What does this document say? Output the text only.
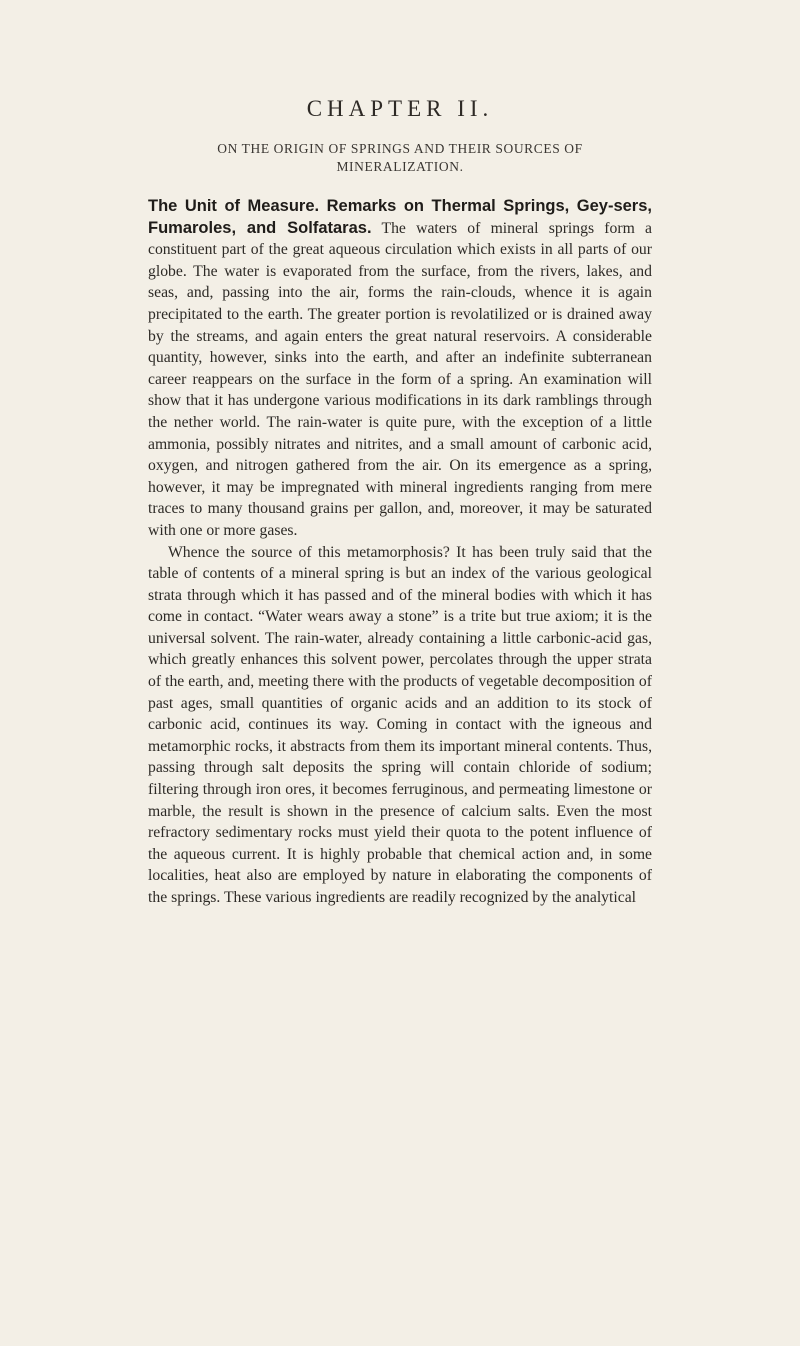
CHAPTER II.
ON THE ORIGIN OF SPRINGS AND THEIR SOURCES OF MINERALIZATION.

The Unit of Measure. Remarks on Thermal Springs, Gey-sers, Fumaroles, and Solfataras. The waters of mineral springs form a constituent part of the great aqueous circulation which exists in all parts of our globe. The water is evaporated from the surface, from the rivers, lakes, and seas, and, passing into the air, forms the rain-clouds, whence it is again precipitated to the earth. The greater portion is revolatilized or is drained away by the streams, and again enters the great natural reservoirs. A considerable quantity, however, sinks into the earth, and after an indefinite subterranean career reappears on the surface in the form of a spring. An examination will show that it has undergone various modifications in its dark ramblings through the nether world. The rain-water is quite pure, with the exception of a little ammonia, possibly nitrates and nitrites, and a small amount of carbonic acid, oxygen, and nitrogen gathered from the air. On its emergence as a spring, however, it may be impregnated with mineral ingredients ranging from mere traces to many thousand grains per gallon, and, moreover, it may be saturated with one or more gases.

Whence the source of this metamorphosis? It has been truly said that the table of contents of a mineral spring is but an index of the various geological strata through which it has passed and of the mineral bodies with which it has come in contact. “Water wears away a stone” is a trite but true axiom; it is the universal solvent. The rain-water, already containing a little carbonic-acid gas, which greatly enhances this solvent power, percolates through the upper strata of the earth, and, meeting there with the products of vegetable decomposition of past ages, small quantities of organic acids and an addition to its stock of carbonic acid, continues its way. Coming in contact with the igneous and metamorphic rocks, it abstracts from them its important mineral contents. Thus, passing through salt deposits the spring will contain chloride of sodium; filtering through iron ores, it becomes ferruginous, and permeating limestone or marble, the result is shown in the presence of calcium salts. Even the most refractory sedimentary rocks must yield their quota to the potent influence of the aqueous current. It is highly probable that chemical action and, in some localities, heat also are employed by nature in elaborating the components of the springs. These various ingredients are readily recognized by the analytical
